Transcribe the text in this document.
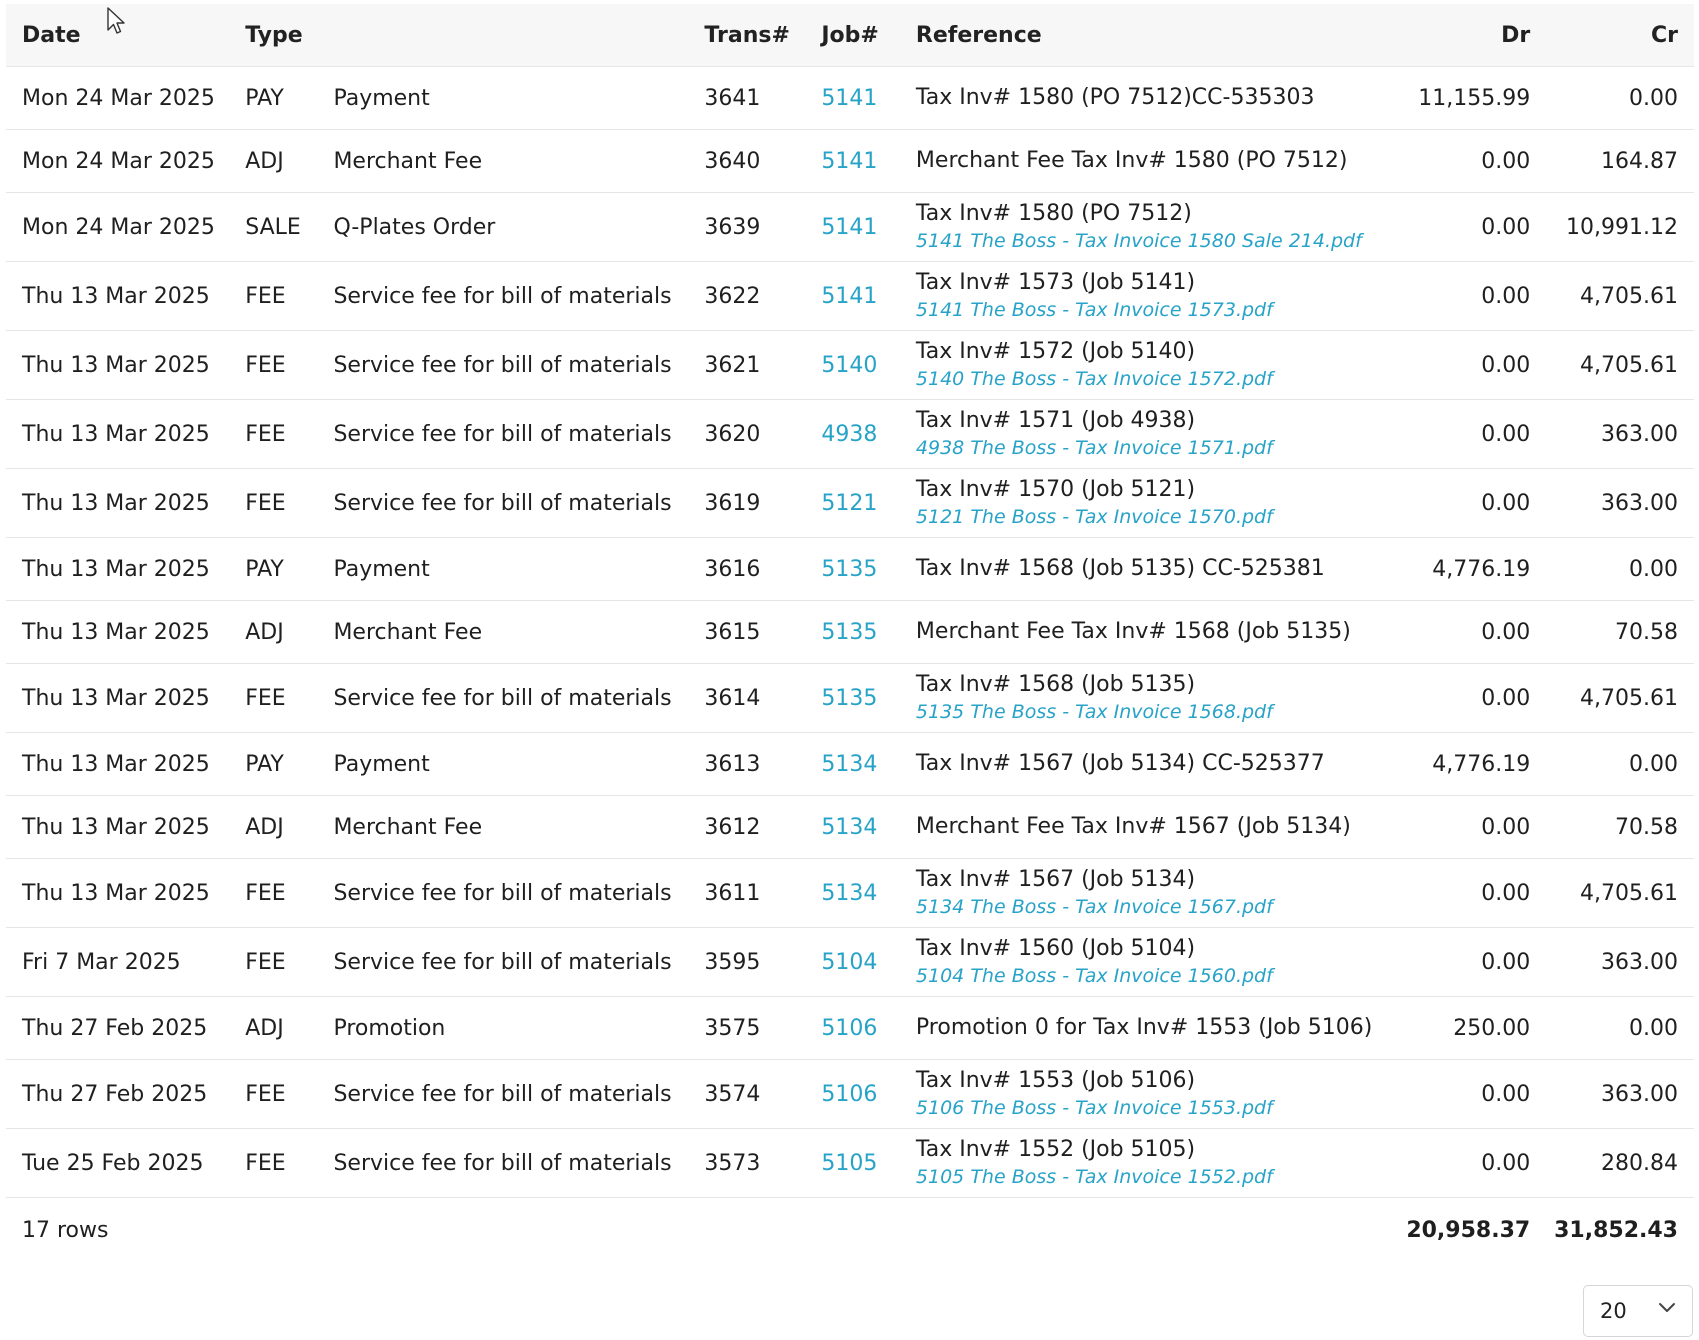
Date	Type		Trans#	Job#	Reference	Dr	Cr
Mon 24 Mar 2025	PAY	Payment	3641	5141	Tax Inv# 1580 (PO 7512)CC-535303	11,155.99	0.00
Mon 24 Mar 2025	ADJ	Merchant Fee	3640	5141	Merchant Fee Tax Inv# 1580 (PO 7512)	0.00	164.87
Mon 24 Mar 2025	SALE	Q-Plates Order	3639	5141	Tax Inv# 1580 (PO 7512)
5141 The Boss - Tax Invoice 1580 Sale 214.pdf	0.00	10,991.12
Thu 13 Mar 2025	FEE	Service fee for bill of materials	3622	5141	Tax Inv# 1573 (Job 5141)
5141 The Boss - Tax Invoice 1573.pdf	0.00	4,705.61
Thu 13 Mar 2025	FEE	Service fee for bill of materials	3621	5140	Tax Inv# 1572 (Job 5140)
5140 The Boss - Tax Invoice 1572.pdf	0.00	4,705.61
Thu 13 Mar 2025	FEE	Service fee for bill of materials	3620	4938	Tax Inv# 1571 (Job 4938)
4938 The Boss - Tax Invoice 1571.pdf	0.00	363.00
Thu 13 Mar 2025	FEE	Service fee for bill of materials	3619	5121	Tax Inv# 1570 (Job 5121)
5121 The Boss - Tax Invoice 1570.pdf	0.00	363.00
Thu 13 Mar 2025	PAY	Payment	3616	5135	Tax Inv# 1568 (Job 5135) CC-525381	4,776.19	0.00
Thu 13 Mar 2025	ADJ	Merchant Fee	3615	5135	Merchant Fee Tax Inv# 1568 (Job 5135)	0.00	70.58
Thu 13 Mar 2025	FEE	Service fee for bill of materials	3614	5135	Tax Inv# 1568 (Job 5135)
5135 The Boss - Tax Invoice 1568.pdf	0.00	4,705.61
Thu 13 Mar 2025	PAY	Payment	3613	5134	Tax Inv# 1567 (Job 5134) CC-525377	4,776.19	0.00
Thu 13 Mar 2025	ADJ	Merchant Fee	3612	5134	Merchant Fee Tax Inv# 1567 (Job 5134)	0.00	70.58
Thu 13 Mar 2025	FEE	Service fee for bill of materials	3611	5134	Tax Inv# 1567 (Job 5134)
5134 The Boss - Tax Invoice 1567.pdf	0.00	4,705.61
Fri 7 Mar 2025	FEE	Service fee for bill of materials	3595	5104	Tax Inv# 1560 (Job 5104)
5104 The Boss - Tax Invoice 1560.pdf	0.00	363.00
Thu 27 Feb 2025	ADJ	Promotion	3575	5106	Promotion 0 for Tax Inv# 1553 (Job 5106)	250.00	0.00
Thu 27 Feb 2025	FEE	Service fee for bill of materials	3574	5106	Tax Inv# 1553 (Job 5106)
5106 The Boss - Tax Invoice 1553.pdf	0.00	363.00
Tue 25 Feb 2025	FEE	Service fee for bill of materials	3573	5105	Tax Inv# 1552 (Job 5105)
5105 The Boss - Tax Invoice 1552.pdf	0.00	280.84
17 rows						20,958.37	31,852.43
20
